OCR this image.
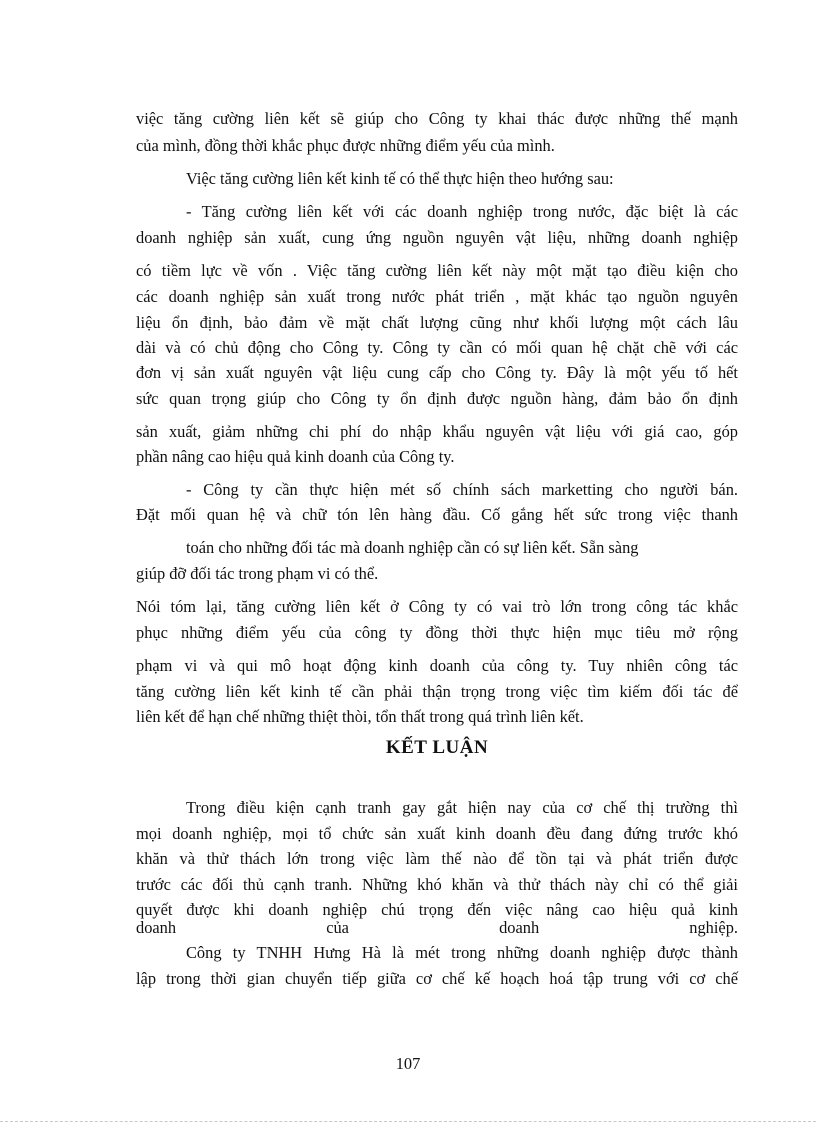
việc tăng cường liên kết sẽ giúp cho Công ty khai thác được những thế mạnh
của mình, đồng thời khắc phục được những điểm yếu của mình.
Việc tăng cường liên kết kinh tế có thể thực hiện theo hướng sau:
- Tăng cường liên kết với các doanh nghiệp trong nước, đặc biệt là các
doanh nghiệp sản xuất, cung ứng nguồn nguyên vật liệu, những doanh nghiệp
có tiềm lực về vốn . Việc tăng cường liên kết này một mặt tạo điều kiện cho
các doanh nghiệp sản xuất trong nước phát triển , mặt khác tạo nguồn nguyên
liệu ổn định, bảo đảm về mặt chất lượng cũng như khối lượng một cách lâu
dài và có chủ động cho Công ty. Công ty cần có mối quan hệ chặt chẽ với các
đơn vị sản xuất nguyên vật liệu cung cấp cho Công ty. Đây là một yếu tố hết
sức quan trọng giúp cho Công ty ổn định được nguồn hàng, đảm bảo ổn định
sản xuất, giảm những chi phí do nhập khẩu nguyên vật liệu với giá cao, góp
phần nâng cao hiệu quả kinh doanh của Công ty.
- Công ty cần thực hiện mét số chính sách marketting cho người bán.
Đặt mối quan hệ và chữ tón lên hàng đầu. Cố gắng hết sức trong việc thanh
toán cho những đối tác mà doanh nghiệp cần có sự liên kết. Sẵn sàng
giúp đỡ đối tác trong phạm vi có thể.
Nói tóm lại, tăng cường liên kết ở Công ty có vai trò lớn trong công tác khắc
phục những điểm yếu của công ty đồng thời thực hiện mục tiêu mở rộng
phạm vi và qui mô hoạt động kinh doanh của công ty. Tuy nhiên công tác
tăng cường liên kết kinh tế cần phải thận trọng trong việc tìm kiếm đối tác để
liên kết để hạn chế những thiệt thòi, tổn thất trong quá trình liên kết.
KẾT LUẬN
Trong điều kiện cạnh tranh gay gắt hiện nay của cơ chế thị trường thì
mọi doanh nghiệp, mọi tổ chức sản xuất kinh doanh đều đang đứng trước khó
khăn và thử thách lớn trong việc làm thế nào để tồn tại và phát triển được
trước các đối thủ cạnh tranh. Những khó khăn và thử thách này chỉ có thể giải
quyết được khi doanh nghiệp chú trọng đến việc nâng cao hiệu quả kinh
doanh của doanh nghiệp.
Công ty TNHH Hưng Hà là mét trong những doanh nghiệp được thành
lập trong thời gian chuyển tiếp giữa cơ chế kế hoạch hoá tập trung với cơ chế
107
